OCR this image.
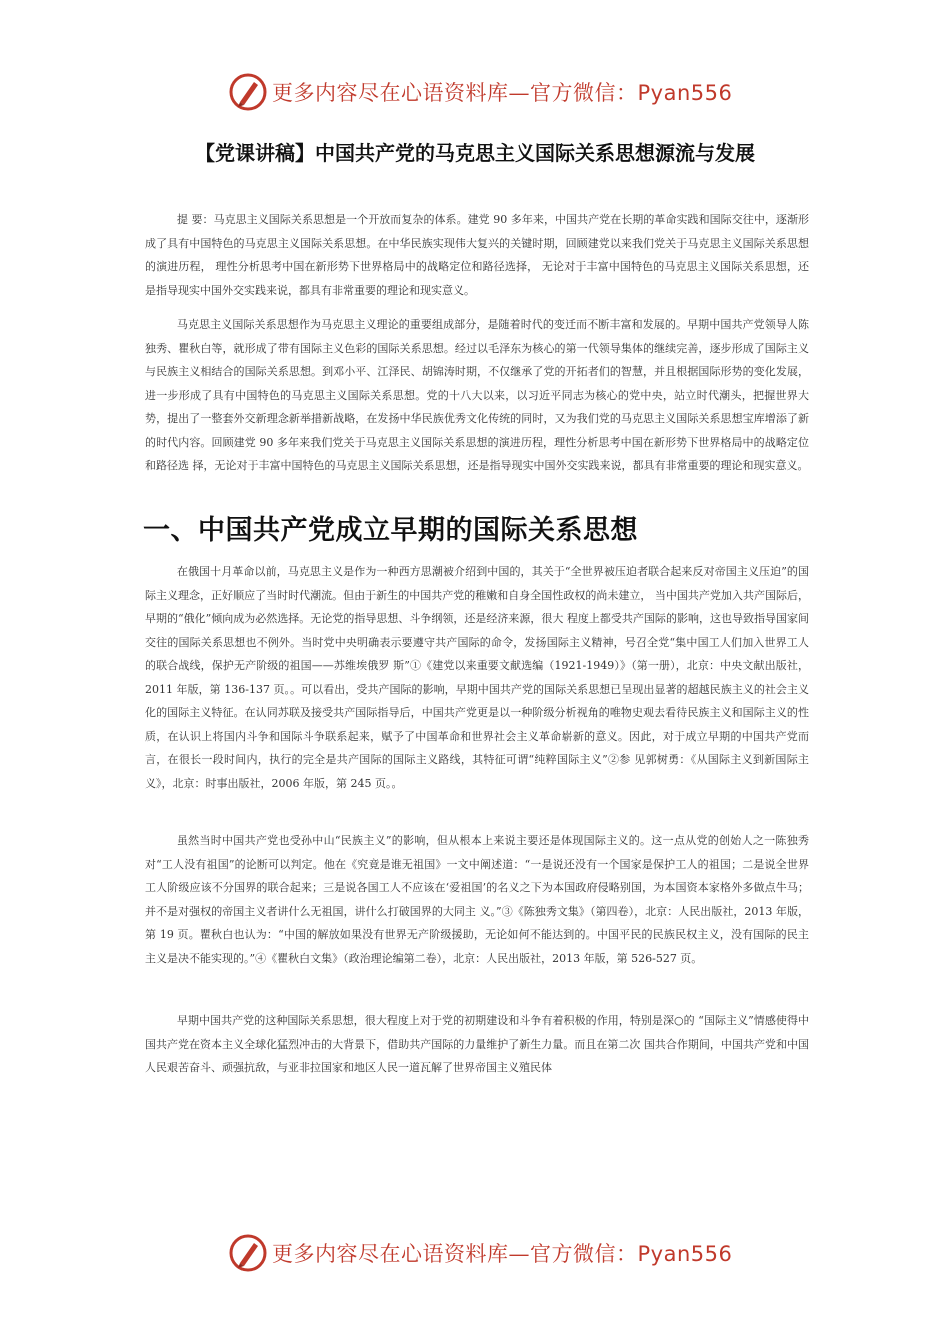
更多内容尽在心语资料库—官方微信：Pyan556
【党课讲稿】中国共产党的马克思主义国际关系思想源流与发展

提 要：马克思主义国际关系思想是一个开放而复杂的体系。建党 90 多年来，中国共产党在长期的革命实践和国际交往中，逐渐形成了具有中国特色的马克思主义国际关系思想。在中华民族实现伟大复兴的关键时期，回顾建党以来我们党关于马克思主义国际关系思想的演进历程， 理性分析思考中国在新形势下世界格局中的战略定位和路径选择， 无论对于丰富中国特色的马克思主义国际关系思想，还是指导现实中国外交实践来说，都具有非常重要的理论和现实意义。

马克思主义国际关系思想作为马克思主义理论的重要组成部分，是随着时代的变迁而不断丰富和发展的。早期中国共产党领导人陈独秀、瞿秋白等，就形成了带有国际主义色彩的国际关系思想。经过以毛泽东为核心的第一代领导集体的继续完善，逐步形成了国际主义与民族主义相结合的国际关系思想。到邓小平、江泽民、胡锦涛时期，不仅继承了党的开拓者们的智慧，并且根据国际形势的变化发展，进一步形成了具有中国特色的马克思主义国际关系思想。党的十八大以来，以习近平同志为核心的党中央，站立时代潮头，把握世界大势，提出了一整套外交新理念新举措新战略，在发扬中华民族优秀文化传统的同时，又为我们党的马克思主义国际关系思想宝库增添了新的时代内容。回顾建党 90 多年来我们党关于马克思主义国际关系思想的演进历程，理性分析思考中国在新形势下世界格局中的战略定位和路径选 择，无论对于丰富中国特色的马克思主义国际关系思想，还是指导现实中国外交实践来说，都具有非常重要的理论和现实意义。

一、中国共产党成立早期的国际关系思想

在俄国十月革命以前，马克思主义是作为一种西方思潮被介绍到中国的，其关于“全世界被压迫者联合起来反对帝国主义压迫”的国际主义理念，正好顺应了当时时代潮流。但由于新生的中国共产党的稚嫩和自身全国性政权的尚未建立， 当中国共产党加入共产国际后，早期的“俄化”倾向成为必然选择。无论党的指导思想、斗争纲领，还是经济来源，很大 程度上都受共产国际的影响，这也导致指导国家间交往的国际关系思想也不例外。当时党中央明确表示要遵守共产国际的命令，发扬国际主义精神，号召全党“集中国工人们加入世界工人的联合战线，保护无产阶级的祖国——苏维埃俄罗 斯”①《建党以来重要文献选编（1921-1949）》（第一册），北京：中央文献出版社，2011 年版，第 136-137 页。。可以看出，受共产国际的影响，早期中国共产党的国际关系思想已呈现出显著的超越民族主义的社会主义化的国际主义特征。在认同苏联及接受共产国际指导后，中国共产党更是以一种阶级分析视角的唯物史观去看待民族主义和国际主义的性质，在认识上将国内斗争和国际斗争联系起来，赋予了中国革命和世界社会主义革命崭新的意义。因此，对于成立早期的中国共产党而言，在很长一段时间内，执行的完全是共产国际的国际主义路线，其特征可谓“纯粹国际主义”②参 见郭树勇：《从国际主义到新国际主义》，北京：时事出版社，2006 年版，第 245 页。。

虽然当时中国共产党也受孙中山“民族主义”的影响，但从根本上来说主要还是体现国际主义的。这一点从党的创始人之一陈独秀对“工人没有祖国”的论断可以判定。他在《究竟是谁无祖国》一文中阐述道：“一是说还没有一个国家是保护工人的祖国；二是说全世界工人阶级应该不分国界的联合起来；三是说各国工人不应该在‘爱祖国’的名义之下为本国政府侵略别国，为本国资本家格外多做点牛马；并不是对强权的帝国主义者讲什么无祖国，讲什么打破国界的大同主 义。”③《陈独秀文集》（第四卷），北京：人民出版社，2013 年版，第 19 页。瞿秋白也认为：“中国的解放如果没有世界无产阶级援助，无论如何不能达到的。中国平民的民族民权主义，没有国际的民主主义是决不能实现的。”④《瞿秋白文集》（政治理论编第二卷），北京：人民出版社，2013 年版，第 526-527 页。

早期中国共产党的这种国际关系思想，很大程度上对于党的初期建设和斗争有着积极的作用，特别是深○的 “国际主义”情感使得中国共产党在资本主义全球化猛烈冲击的大背景下，借助共产国际的力量维护了新生力量。而且在第二次 国共合作期间，中国共产党和中国人民艰苦奋斗、顽强抗敌，与亚非拉国家和地区人民一道瓦解了世界帝国主义殖民体

更多内容尽在心语资料库—官方微信：Pyan556
